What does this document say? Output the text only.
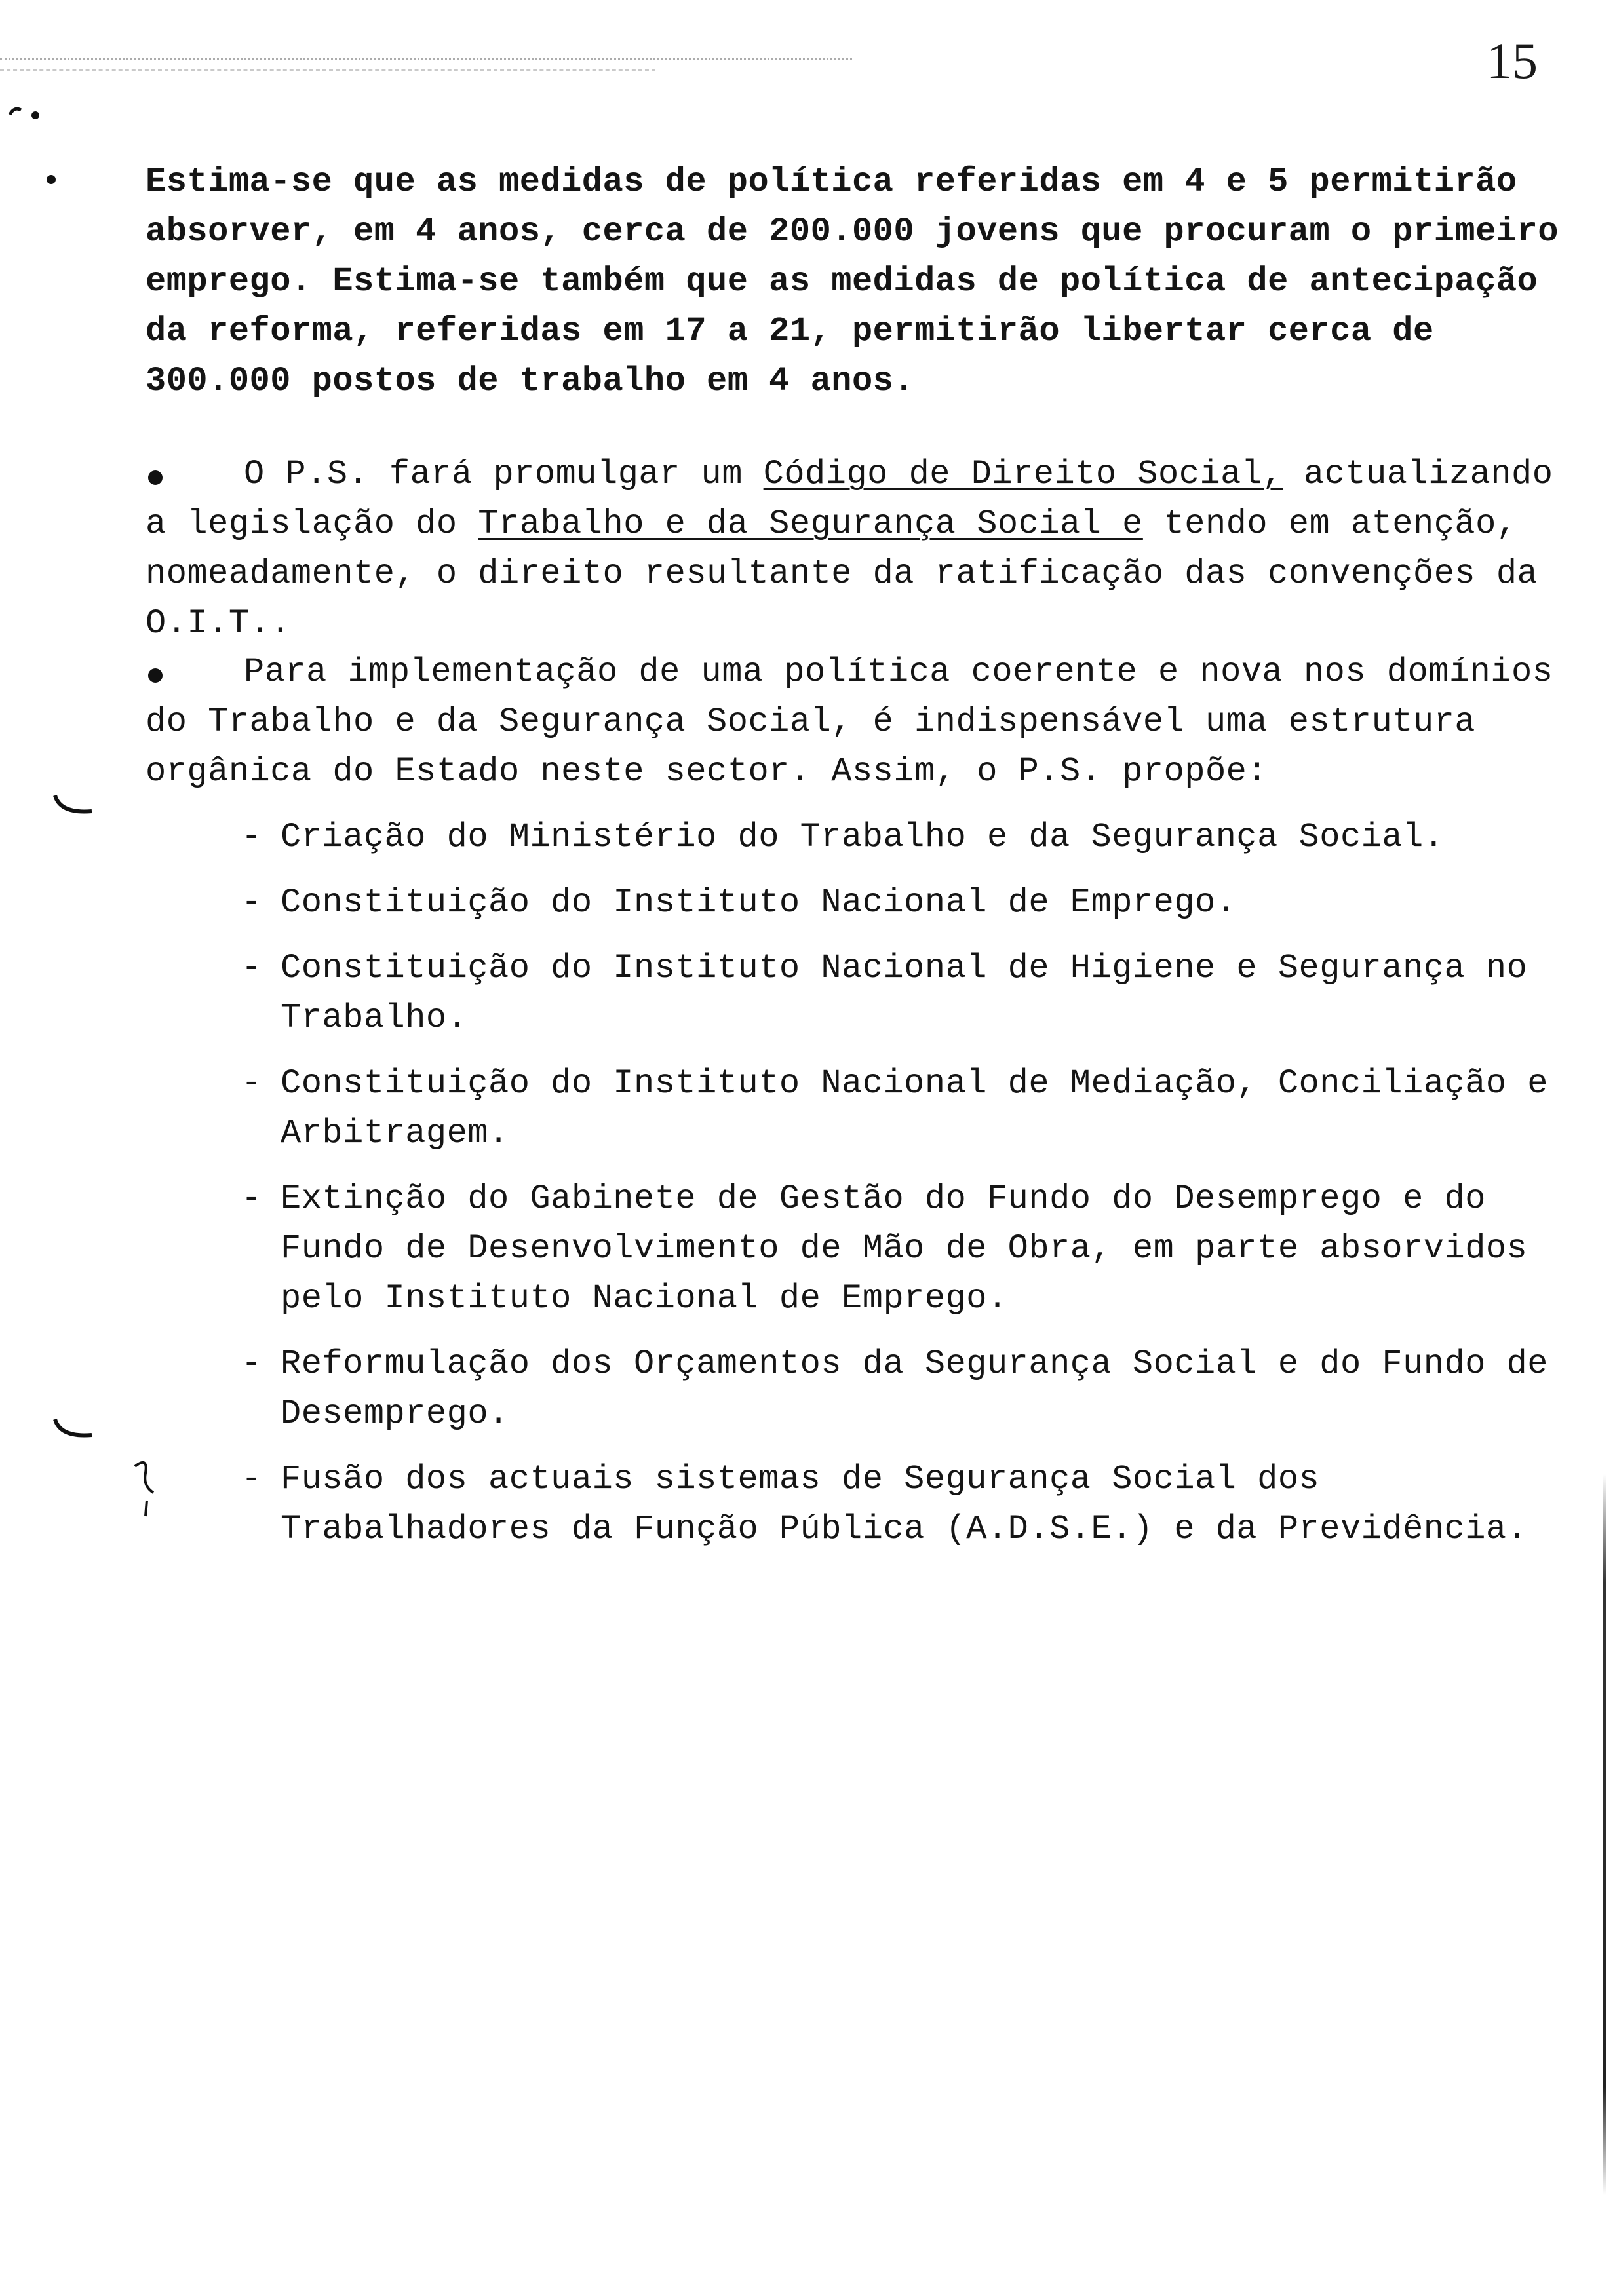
15
Estima-se que as medidas de política referidas em 4 e 5 permitirão absorver, em 4 anos, cerca de 200.000 jovens que procuram o primeiro emprego. Estima-se também que as medidas de política de antecipação da reforma, referidas em 17 a 21, permitirão libertar cerca de 300.000 postos de trabalho em 4 anos.
O P.S. fará promulgar um Código de Direito Social, actualizando a legislação do Trabalho e da Segurança Social e tendo em atenção, nomeadamente, o direito resultante da ratificação das convenções da O.I.T..
Para implementação de uma política coerente e nova nos domínios do Trabalho e da Segurança Social, é indispensável uma estrutura orgânica do Estado neste sector. Assim, o P.S. propõe:
- Criação do Ministério do Trabalho e da Segurança Social.
- Constituição do Instituto Nacional de Emprego.
- Constituição do Instituto Nacional de Higiene e Segurança no Trabalho.
- Constituição do Instituto Nacional de Mediação, Conciliação e Arbitragem.
- Extinção do Gabinete de Gestão do Fundo do Desemprego e do Fundo de Desenvolvimento de Mão de Obra, em parte absorvidos pelo Instituto Nacional de Emprego.
- Reformulação dos Orçamentos da Segurança Social e do Fundo de Desemprego.
- Fusão dos actuais sistemas de Segurança Social dos Trabalhadores da Função Pública (A.D.S.E.) e da Previdência.
